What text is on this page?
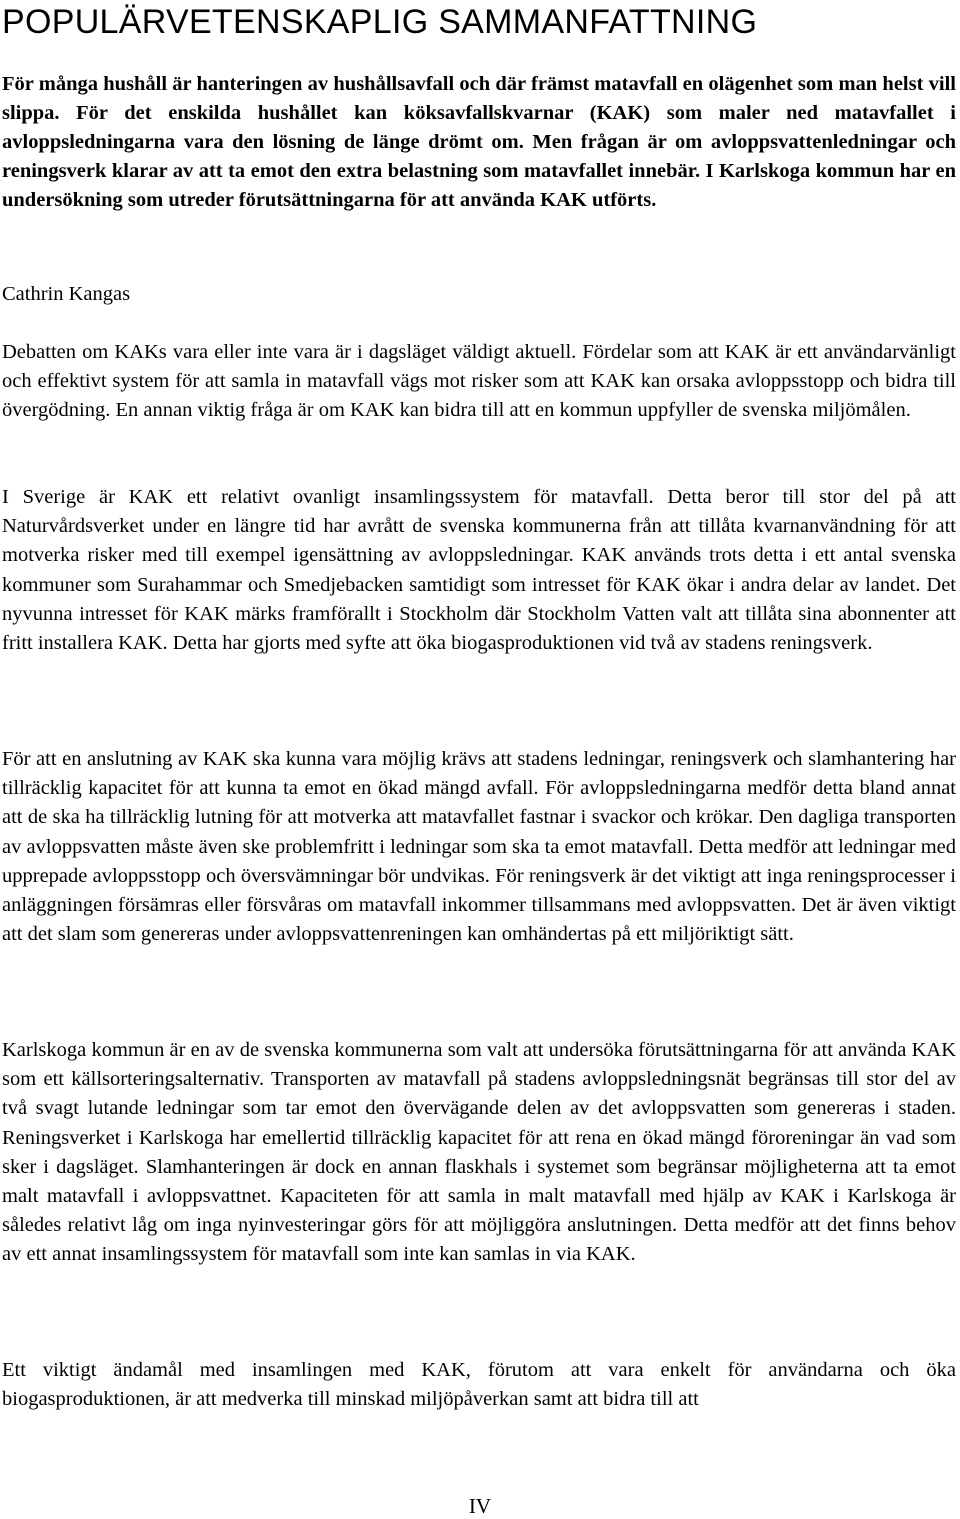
POPULÄRVETENSKAPLIG SAMMANFATTNING

För många hushåll är hanteringen av hushållsavfall och där främst matavfall en olägenhet som man helst vill slippa. För det enskilda hushållet kan köksavfallskvarnar (KAK) som maler ned matavfallet i avloppsledningarna vara den lösning de länge drömt om. Men frågan är om avloppsvattenledningar och reningsverk klarar av att ta emot den extra belastning som matavfallet innebär. I Karlskoga kommun har en undersökning som utreder förutsättningarna för att använda KAK utförts.

Cathrin Kangas

Debatten om KAKs vara eller inte vara är i dagsläget väldigt aktuell. Fördelar som att KAK är ett användarvänligt och effektivt system för att samla in matavfall vägs mot risker som att KAK kan orsaka avloppsstopp och bidra till övergödning. En annan viktig fråga är om KAK kan bidra till att en kommun uppfyller de svenska miljömålen.

I Sverige är KAK ett relativt ovanligt insamlingssystem för matavfall. Detta beror till stor del på att Naturvårdsverket under en längre tid har avrått de svenska kommunerna från att tillåta kvarnanvändning för att motverka risker med till exempel igensättning av avloppsledningar. KAK används trots detta i ett antal svenska kommuner som Surahammar och Smedjebacken samtidigt som intresset för KAK ökar i andra delar av landet. Det nyvunna intresset för KAK märks framförallt i Stockholm där Stockholm Vatten valt att tillåta sina abonnenter att fritt installera KAK. Detta har gjorts med syfte att öka biogasproduktionen vid två av stadens reningsverk.

För att en anslutning av KAK ska kunna vara möjlig krävs att stadens ledningar, reningsverk och slamhantering har tillräcklig kapacitet för att kunna ta emot en ökad mängd avfall. För avloppsledningarna medför detta bland annat att de ska ha tillräcklig lutning för att motverka att matavfallet fastnar i svackor och krökar. Den dagliga transporten av avloppsvatten måste även ske problemfritt i ledningar som ska ta emot matavfall. Detta medför att ledningar med upprepade avloppsstopp och översvämningar bör undvikas. För reningsverk är det viktigt att inga reningsprocesser i anläggningen försämras eller försvåras om matavfall inkommer tillsammans med avloppsvatten. Det är även viktigt att det slam som genereras under avloppsvattenreningen kan omhändertas på ett miljöriktigt sätt.

Karlskoga kommun är en av de svenska kommunerna som valt att undersöka förutsättningarna för att använda KAK som ett källsorteringsalternativ. Transporten av matavfall på stadens avloppsledningsnät begränsas till stor del av två svagt lutande ledningar som tar emot den övervägande delen av det avloppsvatten som genereras i staden. Reningsverket i Karlskoga har emellertid tillräcklig kapacitet för att rena en ökad mängd föroreningar än vad som sker i dagsläget. Slamhanteringen är dock en annan flaskhals i systemet som begränsar möjligheterna att ta emot malt matavfall i avloppsvattnet. Kapaciteten för att samla in malt matavfall med hjälp av KAK i Karlskoga är således relativt låg om inga nyinvesteringar görs för att möjliggöra anslutningen. Detta medför att det finns behov av ett annat insamlingssystem för matavfall som inte kan samlas in via KAK.

Ett viktigt ändamål med insamlingen med KAK, förutom att vara enkelt för användarna och öka biogasproduktionen, är att medverka till minskad miljöpåverkan samt att bidra till att

IV
